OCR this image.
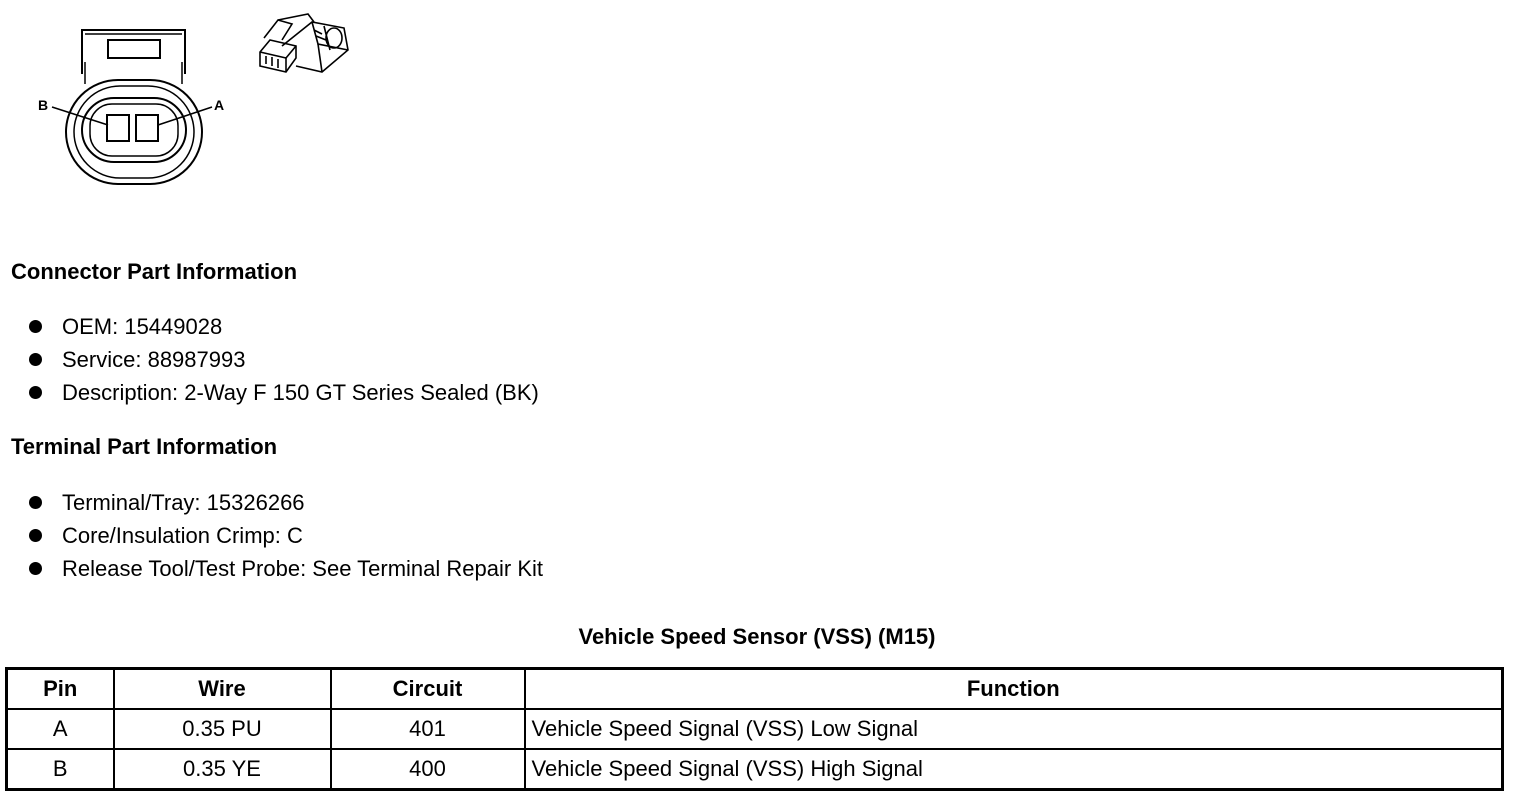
B	A
Connector Part Information
OEM: 15449028
Service: 88987993
Description: 2-Way F 150 GT Series Sealed (BK)
Terminal Part Information
Terminal/Tray: 15326266
Core/Insulation Crimp: C
Release Tool/Test Probe: See Terminal Repair Kit
Vehicle Speed Sensor (VSS) (M15)
Pin	Wire	Circuit	Function
A	0.35 PU	401	Vehicle Speed Signal (VSS) Low Signal
B	0.35 YE	400	Vehicle Speed Signal (VSS) High Signal
